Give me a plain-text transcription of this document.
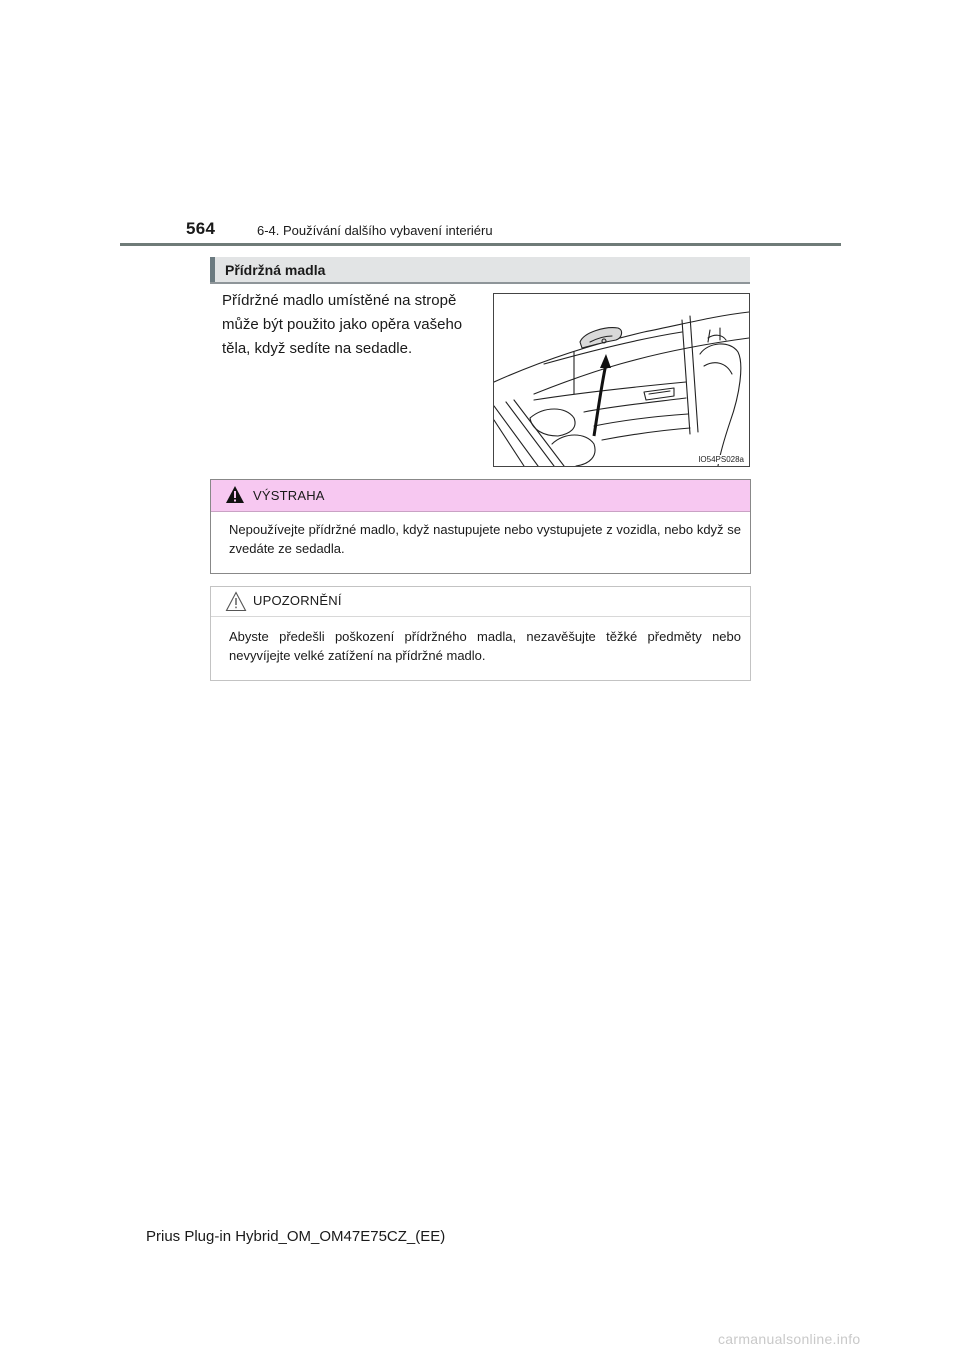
564	6-4. Používání dalšího vybavení interiéru
Přídržná madla
Přídržné madlo umístěné na stropě
může být použito jako opěra vašeho
těla, když sedíte na sedadle.
IO54PS028a
VÝSTRAHA
Nepoužívejte přídržné madlo, když nastupujete nebo vystupujete z vozidla, nebo když se zvedáte ze sedadla.
UPOZORNĚNÍ
Abyste předešli poškození přídržného madla, nezavěšujte těžké předměty nebo nevyvíjejte velké zatížení na přídržné madlo.
Prius Plug-in Hybrid_OM_OM47E75CZ_(EE)
carmanualsonline.info
